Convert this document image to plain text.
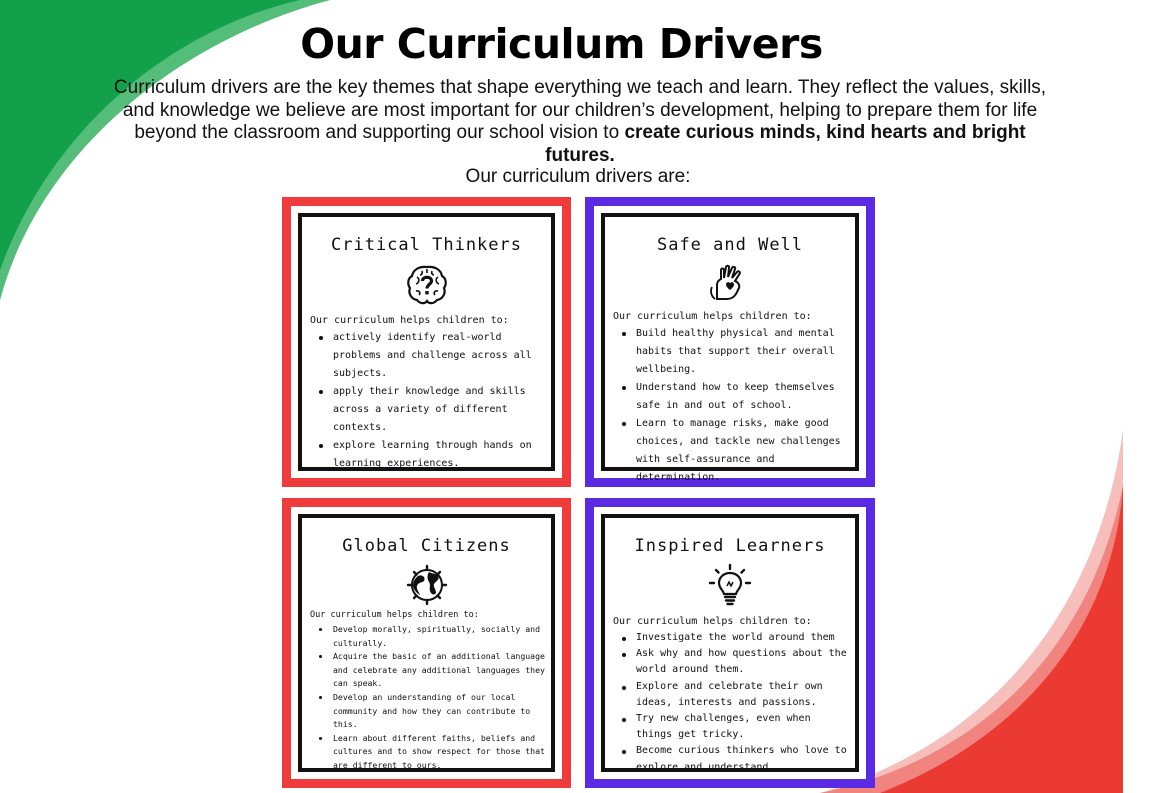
Our Curriculum Drivers
Curriculum drivers are the key themes that shape everything we teach and learn. They reflect the values, skills, and knowledge we believe are most important for our children’s development, helping to prepare them for life beyond the classroom and supporting our school vision to create curious minds, kind hearts and bright futures.
Our curriculum drivers are:
Critical Thinkers
Our curriculum helps children to:
actively identify real-world problems and challenge across all subjects.
apply their knowledge and skills across a variety of different contexts.
explore learning through hands on learning experiences.
Safe and Well
Our curriculum helps children to:
Build healthy physical and mental habits that support their overall wellbeing.
Understand how to keep themselves safe in and out of school.
Learn to manage risks, make good choices, and tackle new challenges with self-assurance and determination.
Global Citizens
Our curriculum helps children to:
Develop morally, spiritually, socially and culturally.
Acquire the basic of an additional language and celebrate any additional languages they can speak.
Develop an understanding of our local community and how they can contribute to this.
Learn about different faiths, beliefs and cultures and to show respect for those that are different to ours.
Inspired Learners
Our curriculum helps children to:
Investigate the world around them
Ask why and how questions about the world around them.
Explore and celebrate their own ideas, interests and passions.
Try new challenges, even when things get tricky.
Become curious thinkers who love to explore and understand.
